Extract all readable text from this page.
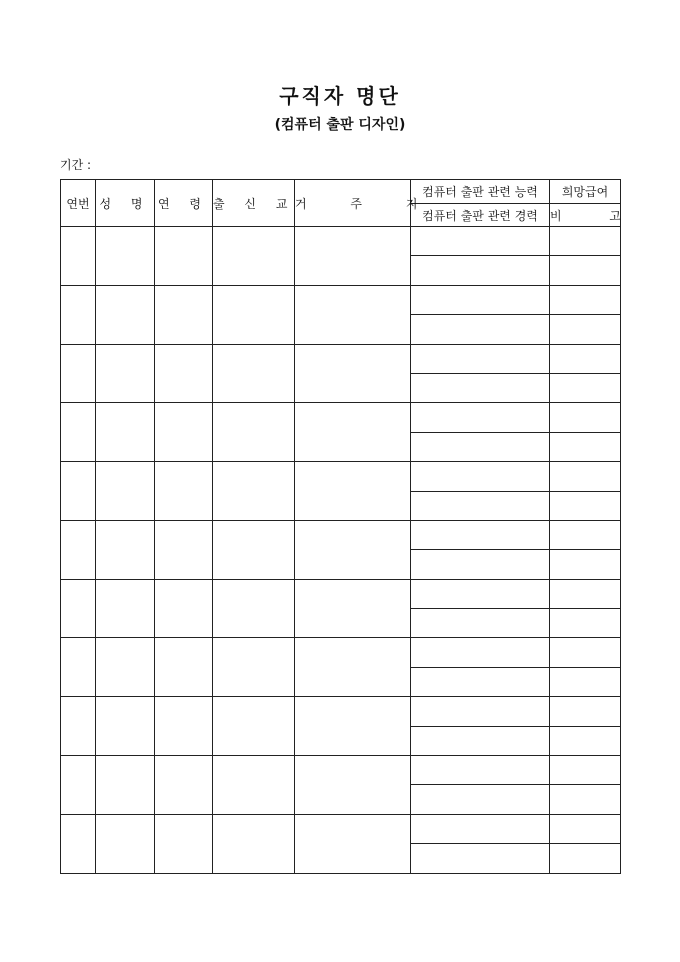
구직자 명단
(컴퓨터 출판 디자인)
기간 :
연번	성 명	연 령	출 신 교	거 주 지	컴퓨터 출판 관련 능력	희망급여
					컴퓨터 출판 관련 경력	비 고
